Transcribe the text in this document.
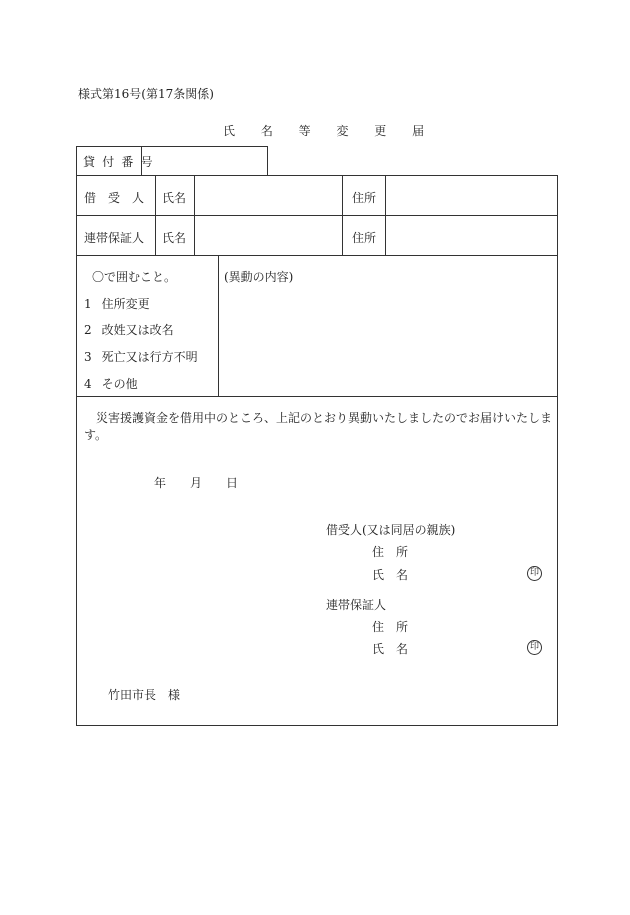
様式第16号(第17条関係)
氏 名 等 変 更 届
貸付番号
借　受　人 氏名	住所
連帯保証人 氏名	住所
〇で囲むこと。
1 住所変更
2 改姓又は改名
3 死亡又は行方不明
4 その他
(異動の内容)
災害援護資金を借用中のところ、上記のとおり異動いたしましたのでお届けいたします。
年 月 日
借受人(又は同居の親族)
住　所
氏　名	印
連帯保証人
住　所
氏　名	印
竹田市長　様
